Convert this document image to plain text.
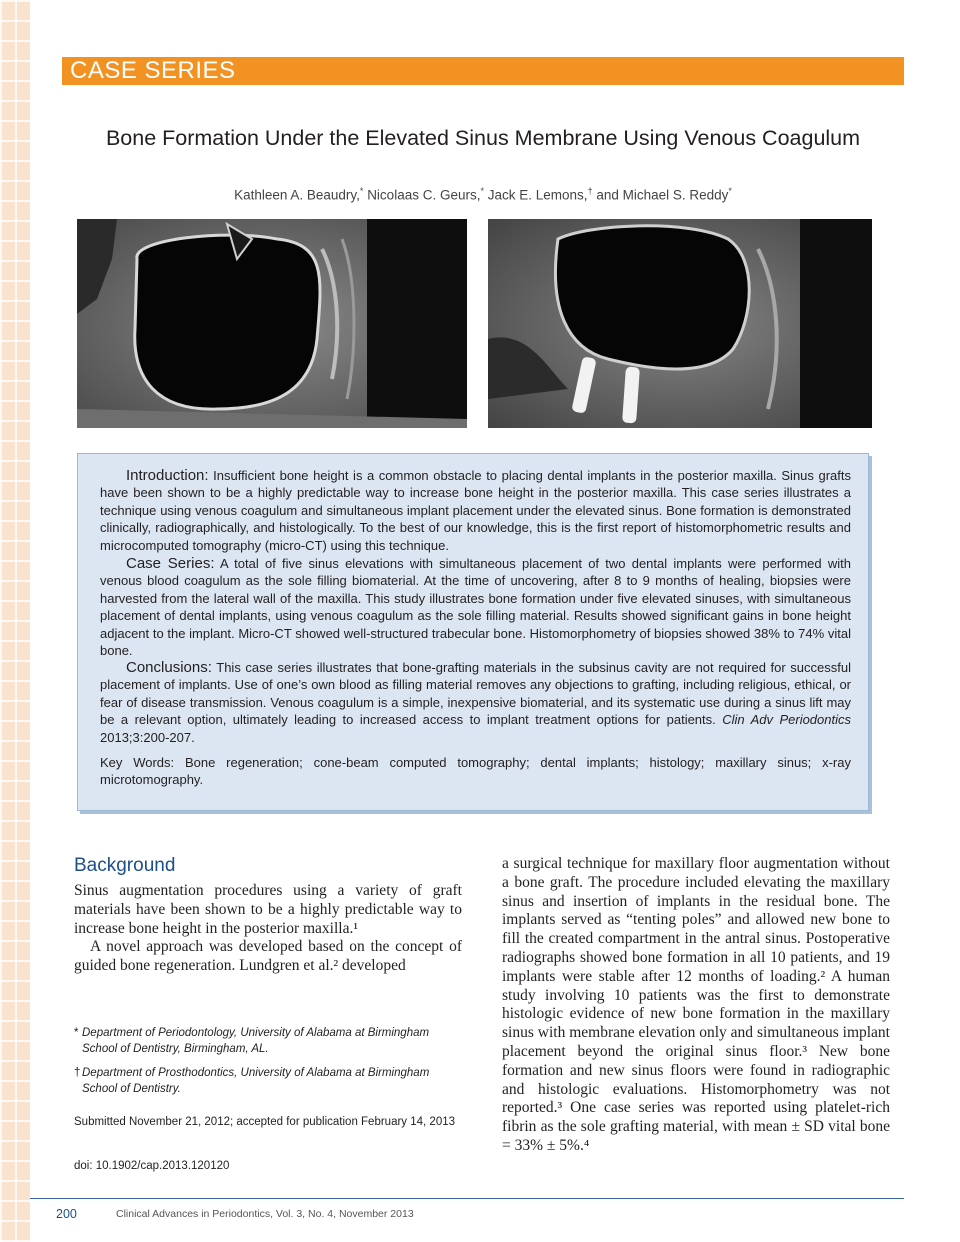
CASE SERIES
Bone Formation Under the Elevated Sinus Membrane Using Venous Coagulum
Kathleen A. Beaudry,* Nicolaas C. Geurs,* Jack E. Lemons,† and Michael S. Reddy*
Introduction: Insufficient bone height is a common obstacle to placing dental implants in the posterior maxilla. Sinus grafts have been shown to be a highly predictable way to increase bone height in the posterior maxilla. This case series illustrates a technique using venous coagulum and simultaneous implant placement under the elevated sinus. Bone formation is demonstrated clinically, radiographically, and histologically. To the best of our knowledge, this is the first report of histomorphometric results and microcomputed tomography (micro-CT) using this technique.
Case Series: A total of five sinus elevations with simultaneous placement of two dental implants were performed with venous blood coagulum as the sole filling biomaterial. At the time of uncovering, after 8 to 9 months of healing, biopsies were harvested from the lateral wall of the maxilla. This study illustrates bone formation under five elevated sinuses, with simultaneous placement of dental implants, using venous coagulum as the sole filling material. Results showed significant gains in bone height adjacent to the implant. Micro-CT showed well-structured trabecular bone. Histomorphometry of biopsies showed 38% to 74% vital bone.
Conclusions: This case series illustrates that bone-grafting materials in the subsinus cavity are not required for successful placement of implants. Use of one’s own blood as filling material removes any objections to grafting, including religious, ethical, or fear of disease transmission. Venous coagulum is a simple, inexpensive biomaterial, and its systematic use during a sinus lift may be a relevant option, ultimately leading to increased access to implant treatment options for patients. Clin Adv Periodontics 2013;3:200-207.
Key Words: Bone regeneration; cone-beam computed tomography; dental implants; histology; maxillary sinus; x-ray microtomography.
Background

Sinus augmentation procedures using a variety of graft materials have been shown to be a highly predictable way to increase bone height in the posterior maxilla.¹

A novel approach was developed based on the concept of guided bone regeneration. Lundgren et al.² developed

a surgical technique for maxillary floor augmentation without a bone graft. The procedure included elevating the maxillary sinus and insertion of implants in the residual bone. The implants served as “tenting poles” and allowed new bone to fill the created compartment in the antral sinus. Postoperative radiographs showed bone formation in all 10 patients, and 19 implants were stable after 12 months of loading.² A human study involving 10 patients was the first to demonstrate histologic evidence of new bone formation in the maxillary sinus with membrane elevation only and simultaneous implant placement beyond the original sinus floor.³ New bone formation and new sinus floors were found in radiographic and histologic evaluations. Histomorphometry was not reported.³ One case series was reported using platelet-rich fibrin as the sole grafting material, with mean ± SD vital bone = 33% ± 5%.⁴

* Department of Periodontology, University of Alabama at Birmingham
School of Dentistry, Birmingham, AL.
† Department of Prosthodontics, University of Alabama at Birmingham
School of Dentistry.
Submitted November 21, 2012; accepted for publication February 14, 2013
doi: 10.1902/cap.2013.120120
200	Clinical Advances in Periodontics, Vol. 3, No. 4, November 2013
